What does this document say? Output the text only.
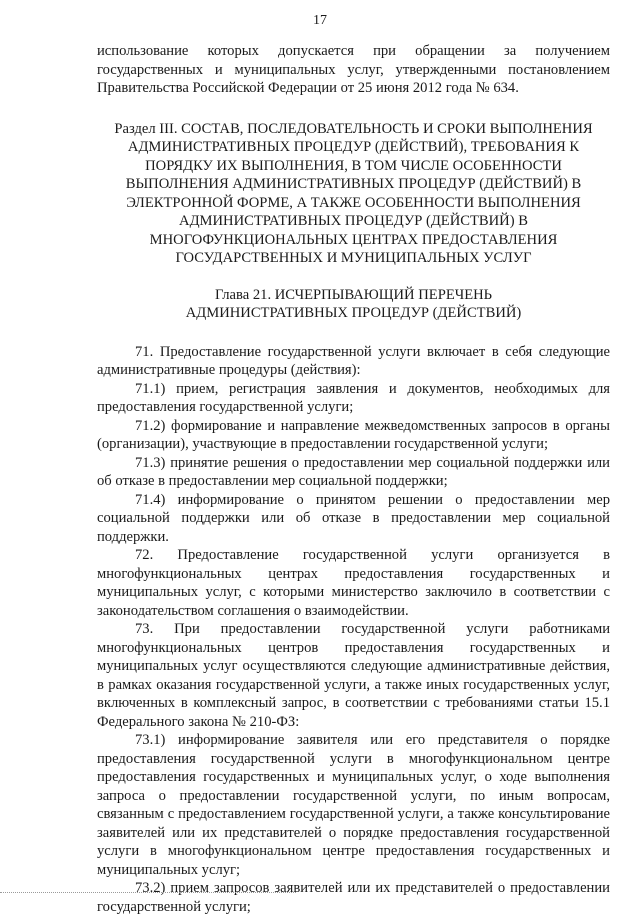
17

использование которых допускается при обращении за получением государственных и муниципальных услуг, утвержденными постановлением Правительства Российской Федерации от 25 июня 2012 года № 634.

Раздел III. СОСТАВ, ПОСЛЕДОВАТЕЛЬНОСТЬ И СРОКИ ВЫПОЛНЕНИЯ АДМИНИСТРАТИВНЫХ ПРОЦЕДУР (ДЕЙСТВИЙ), ТРЕБОВАНИЯ К ПОРЯДКУ ИХ ВЫПОЛНЕНИЯ, В ТОМ ЧИСЛЕ ОСОБЕННОСТИ ВЫПОЛНЕНИЯ АДМИНИСТРАТИВНЫХ ПРОЦЕДУР (ДЕЙСТВИЙ) В ЭЛЕКТРОННОЙ ФОРМЕ, А ТАКЖЕ ОСОБЕННОСТИ ВЫПОЛНЕНИЯ АДМИНИСТРАТИВНЫХ ПРОЦЕДУР (ДЕЙСТВИЙ) В МНОГОФУНКЦИОНАЛЬНЫХ ЦЕНТРАХ ПРЕДОСТАВЛЕНИЯ ГОСУДАРСТВЕННЫХ И МУНИЦИПАЛЬНЫХ УСЛУГ

Глава 21. ИСЧЕРПЫВАЮЩИЙ ПЕРЕЧЕНЬ
АДМИНИСТРАТИВНЫХ ПРОЦЕДУР (ДЕЙСТВИЙ)

71. Предоставление государственной услуги включает в себя следующие административные процедуры (действия):

71.1) прием, регистрация заявления и документов, необходимых для предоставления государственной услуги;

71.2) формирование и направление межведомственных запросов в органы (организации), участвующие в предоставлении государственной услуги;

71.3) принятие решения о предоставлении мер социальной поддержки или об отказе в предоставлении мер социальной поддержки;

71.4) информирование о принятом решении о предоставлении мер социальной поддержки или об отказе в предоставлении мер социальной поддержки.

72. Предоставление государственной услуги организуется в многофункциональных центрах предоставления государственных и муниципальных услуг, с которыми министерство заключило в соответствии с законодательством соглашения о взаимодействии.

73. При предоставлении государственной услуги работниками многофункциональных центров предоставления государственных и муниципальных услуг осуществляются следующие административные действия, в рамках оказания государственной услуги, а также иных государственных услуг, включенных в комплексный запрос, в соответствии с требованиями статьи 15.1 Федерального закона № 210-ФЗ:

73.1) информирование заявителя или его представителя о порядке предоставления государственной услуги в многофункциональном центре предоставления государственных и муниципальных услуг, о ходе выполнения запроса о предоставлении государственной услуги, по иным вопросам, связанным с предоставлением государственной услуги, а также консультирование заявителей или их представителей о порядке предоставления государственной услуги в многофункциональном центре предоставления государственных и муниципальных услуг;

73.2) прием запросов заявителей или их представителей о предоставлении государственной услуги;
